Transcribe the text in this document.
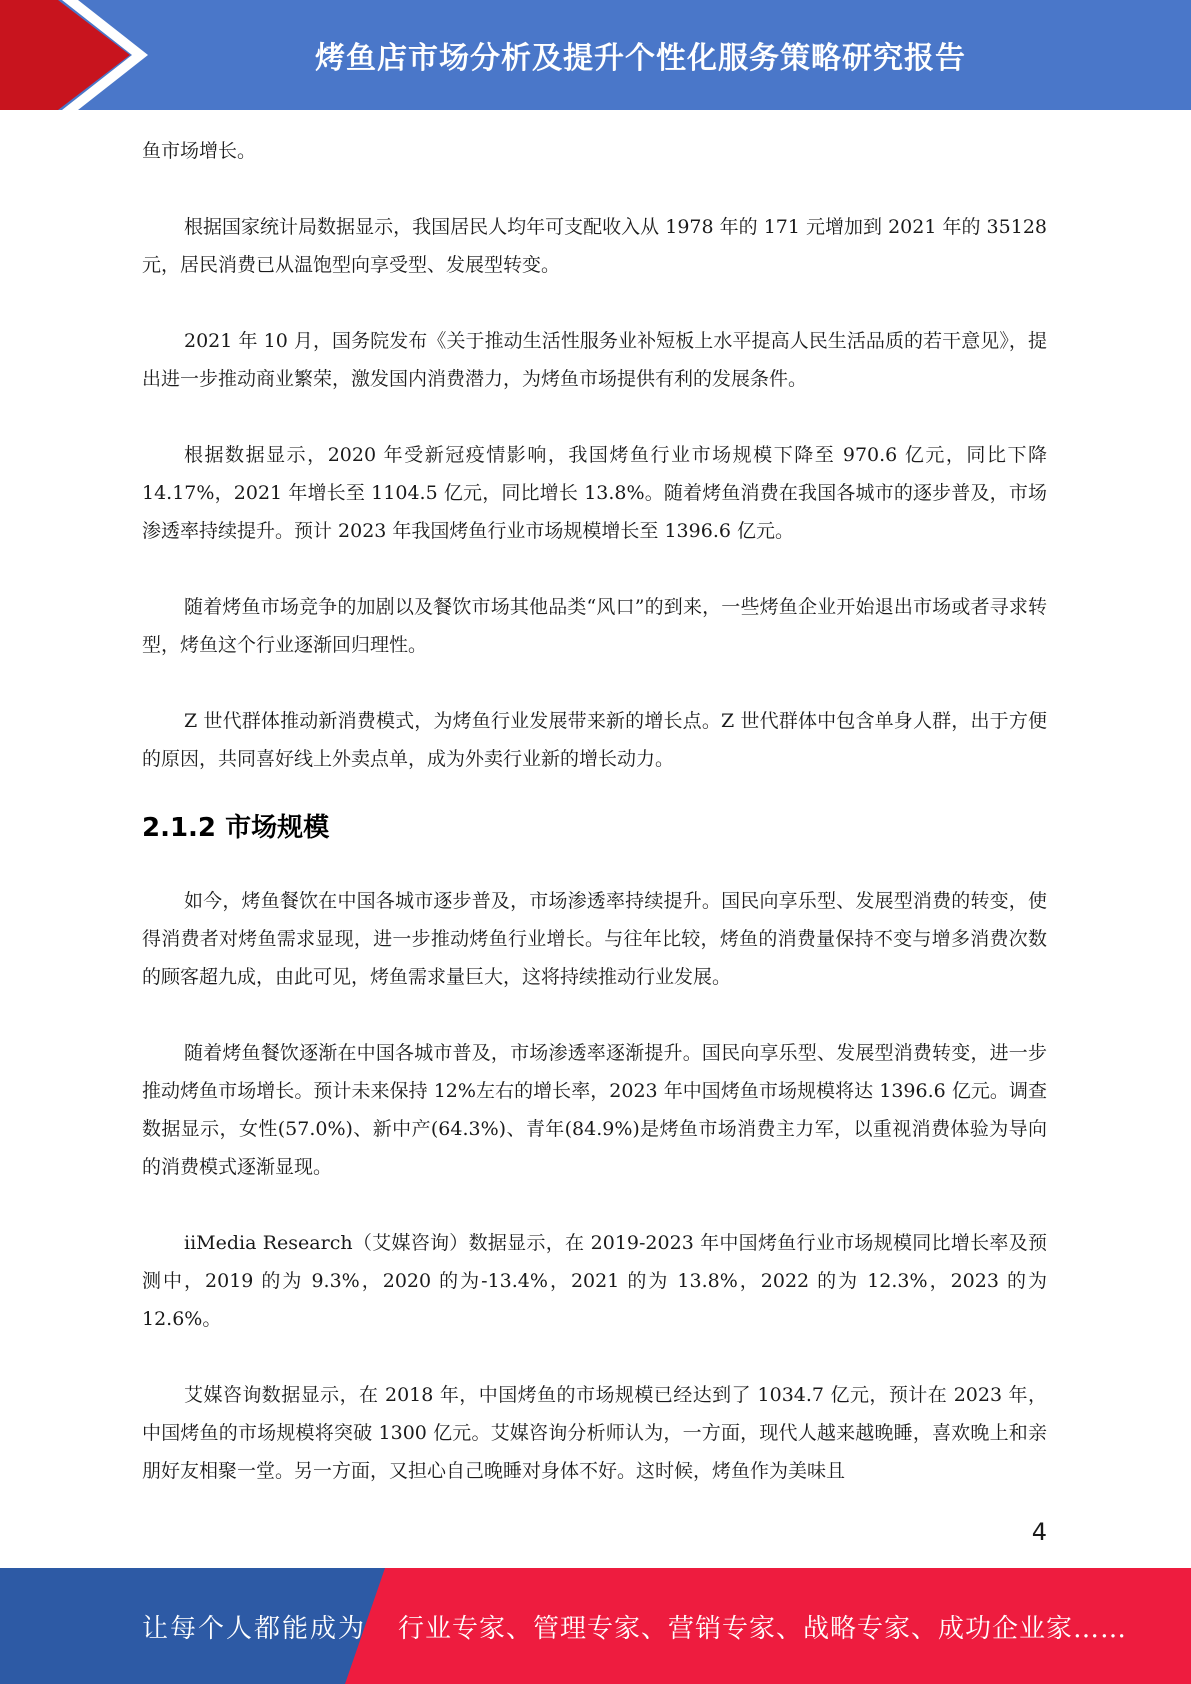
烤鱼店市场分析及提升个性化服务策略研究报告

鱼市场增长。

根据国家统计局数据显示，我国居民人均年可支配收入从 1978 年的 171 元增加到 2021 年的 35128 元，居民消费已从温饱型向享受型、发展型转变。

2021 年 10 月，国务院发布《关于推动生活性服务业补短板上水平提高人民生活品质的若干意见》，提出进一步推动商业繁荣，激发国内消费潜力，为烤鱼市场提供有利的发展条件。

根据数据显示，2020 年受新冠疫情影响，我国烤鱼行业市场规模下降至 970.6 亿元，同比下降 14.17%，2021 年增长至 1104.5 亿元，同比增长 13.8%。随着烤鱼消费在我国各城市的逐步普及，市场渗透率持续提升。预计 2023 年我国烤鱼行业市场规模增长至 1396.6 亿元。

随着烤鱼市场竞争的加剧以及餐饮市场其他品类“风口”的到来，一些烤鱼企业开始退出市场或者寻求转型，烤鱼这个行业逐渐回归理性。

Z 世代群体推动新消费模式，为烤鱼行业发展带来新的增长点。Z 世代群体中包含单身人群，出于方便的原因，共同喜好线上外卖点单，成为外卖行业新的增长动力。

2.1.2 市场规模

如今，烤鱼餐饮在中国各城市逐步普及，市场渗透率持续提升。国民向享乐型、发展型消费的转变，使得消费者对烤鱼需求显现，进一步推动烤鱼行业增长。与往年比较，烤鱼的消费量保持不变与增多消费次数的顾客超九成，由此可见，烤鱼需求量巨大，这将持续推动行业发展。

随着烤鱼餐饮逐渐在中国各城市普及，市场渗透率逐渐提升。国民向享乐型、发展型消费转变，进一步推动烤鱼市场增长。预计未来保持 12%左右的增长率，2023 年中国烤鱼市场规模将达 1396.6 亿元。调查数据显示，女性(57.0%)、新中产(64.3%)、青年(84.9%)是烤鱼市场消费主力军，以重视消费体验为导向的消费模式逐渐显现。

iiMedia Research（艾媒咨询）数据显示，在 2019-2023 年中国烤鱼行业市场规模同比增长率及预测中，2019 的为 9.3%，2020 的为-13.4%，2021 的为 13.8%，2022 的为 12.3%，2023 的为 12.6%。

艾媒咨询数据显示，在 2018 年，中国烤鱼的市场规模已经达到了 1034.7 亿元，预计在 2023 年，中国烤鱼的市场规模将突破 1300 亿元。艾媒咨询分析师认为，一方面，现代人越来越晚睡，喜欢晚上和亲朋好友相聚一堂。另一方面，又担心自己晚睡对身体不好。这时候，烤鱼作为美味且

4
让每个人都能成为 行业专家、管理专家、营销专家、战略专家、成功企业家……
